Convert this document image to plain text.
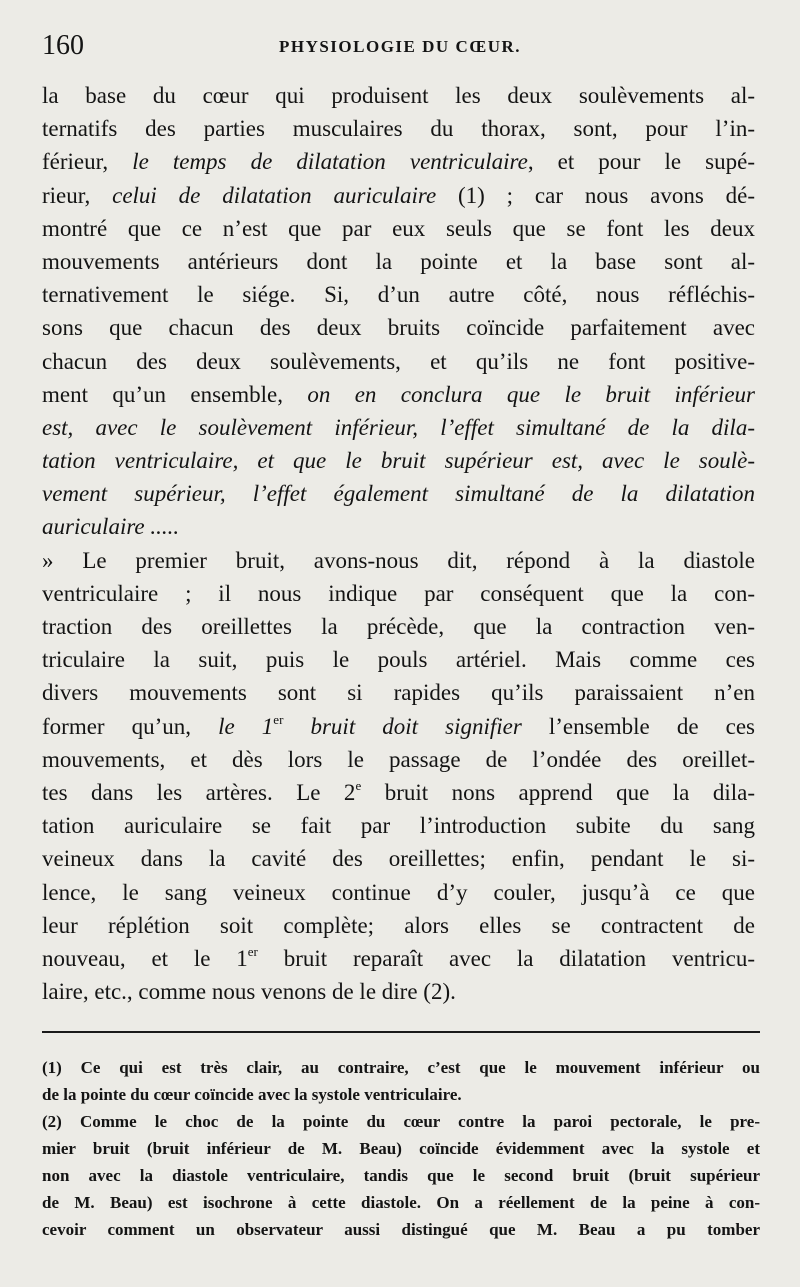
160	PHYSIOLOGIE DU CŒUR.
la base du cœur qui produisent les deux soulèvements al-
ternatifs des parties musculaires du thorax, sont, pour l’in-
férieur, le temps de dilatation ventriculaire, et pour le supé-
rieur, celui de dilatation auriculaire (1) ; car nous avons dé-
montré que ce n’est que par eux seuls que se font les deux
mouvements antérieurs dont la pointe et la base sont al-
ternativement le siége. Si, d’un autre côté, nous réfléchis-
sons que chacun des deux bruits coïncide parfaitement avec
chacun des deux soulèvements, et qu’ils ne font positive-
ment qu’un ensemble, on en conclura que le bruit inférieur
est, avec le soulèvement inférieur, l’effet simultané de la dila-
tation ventriculaire, et que le bruit supérieur est, avec le soulè-
vement supérieur, l’effet également simultané de la dilatation
auriculaire .....
» Le premier bruit, avons-nous dit, répond à la diastole
ventriculaire ; il nous indique par conséquent que la con-
traction des oreillettes la précède, que la contraction ven-
triculaire la suit, puis le pouls artériel. Mais comme ces
divers mouvements sont si rapides qu’ils paraissaient n’en
former qu’un, le 1er bruit doit signifier l’ensemble de ces
mouvements, et dès lors le passage de l’ondée des oreillet-
tes dans les artères. Le 2e bruit nons apprend que la dila-
tation auriculaire se fait par l’introduction subite du sang
veineux dans la cavité des oreillettes; enfin, pendant le si-
lence, le sang veineux continue d’y couler, jusqu’à ce que
leur réplétion soit complète; alors elles se contractent de
nouveau, et le 1er bruit reparaît avec la dilatation ventricu-
laire, etc., comme nous venons de le dire (2).
(1) Ce qui est très clair, au contraire, c’est que le mouvement inférieur ou
de la pointe du cœur coïncide avec la systole ventriculaire.
(2) Comme le choc de la pointe du cœur contre la paroi pectorale, le pre-
mier bruit (bruit inférieur de M. Beau) coïncide évidemment avec la systole et
non avec la diastole ventriculaire, tandis que le second bruit (bruit supérieur
de M. Beau) est isochrone à cette diastole. On a réellement de la peine à con-
cevoir comment un observateur aussi distingué que M. Beau a pu tomber
